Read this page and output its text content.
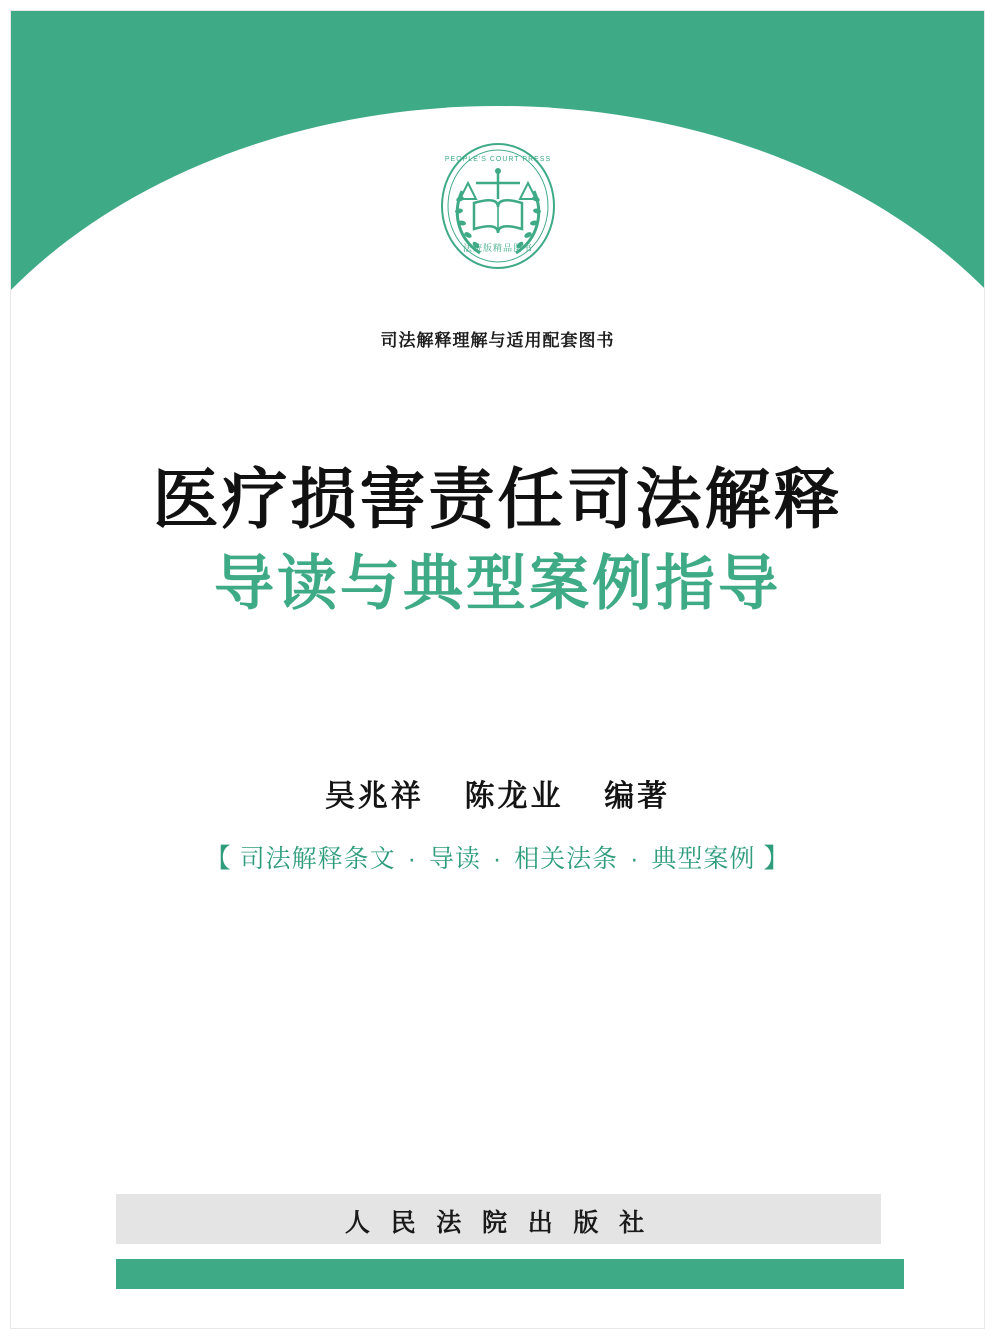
PEOPLE'S COURT PRESS
法院版精品图书
司法解释理解与适用配套图书
医疗损害责任司法解释
导读与典型案例指导
吴兆祥 陈龙业 编著
【 司法解释条文 · 导读 · 相关法条 · 典型案例 】
人 民 法 院 出 版 社
